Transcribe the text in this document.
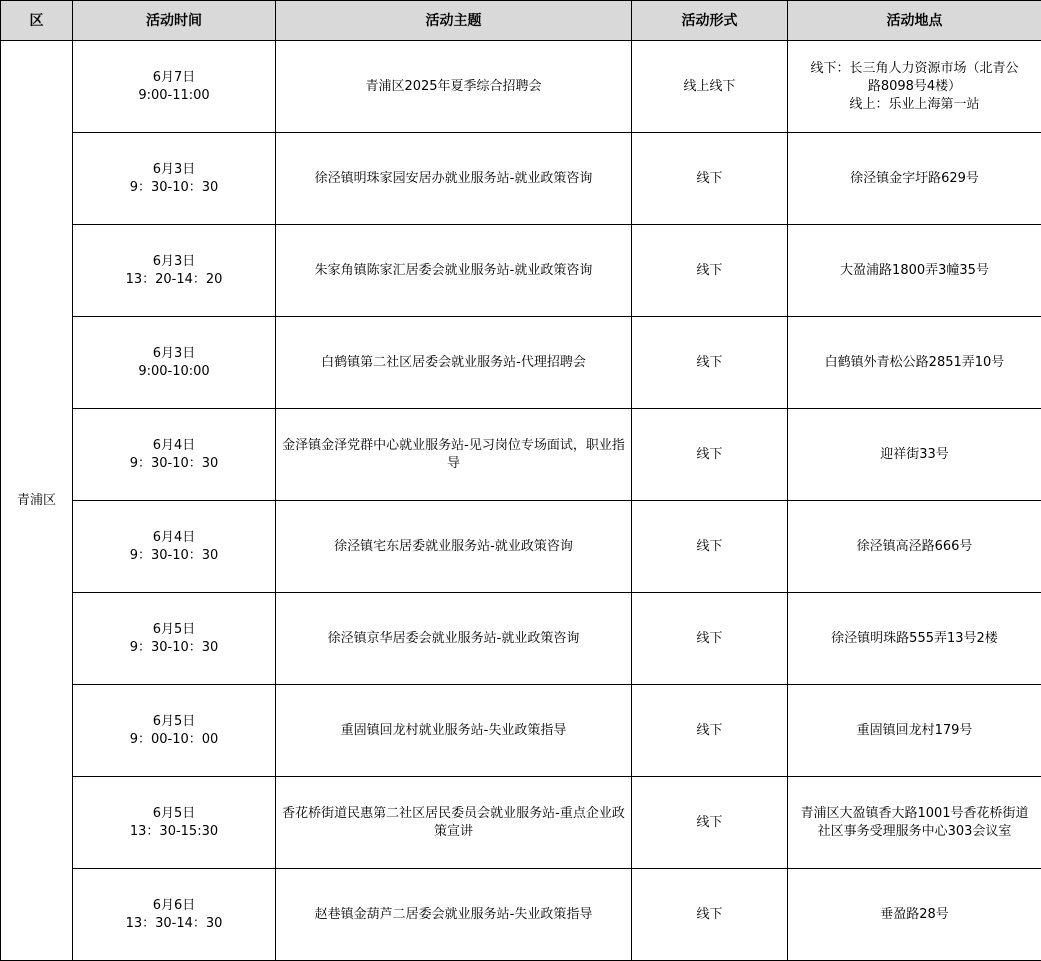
区	活动时间	活动主题	活动形式	活动地点
青浦区	6月7日
9:00-11:00	青浦区2025年夏季综合招聘会	线上线下	线下：长三角人力资源市场（北青公
路8098号4楼）
线上：乐业上海第一站

	6月3日
9：30-10：30	徐泾镇明珠家园安居办就业服务站-就业政策咨询	线下	徐泾镇金字圩路629号

	6月3日
13：20-14：20	朱家角镇陈家汇居委会就业服务站-就业政策咨询	线下	大盈浦路1800弄3幢35号

	6月3日
9:00-10:00	白鹤镇第二社区居委会就业服务站-代理招聘会	线下	白鹤镇外青松公路2851弄10号

	6月4日
9：30-10：30	金泽镇金泽党群中心就业服务站-见习岗位专场面试，职业指导	线下	迎祥街33号

	6月4日
9：30-10：30	徐泾镇宅东居委就业服务站-就业政策咨询	线下	徐泾镇高泾路666号

	6月5日
9：30-10：30	徐泾镇京华居委会就业服务站-就业政策咨询	线下	徐泾镇明珠路555弄13号2楼

	6月5日
9：00-10：00	重固镇回龙村就业服务站-失业政策指导	线下	重固镇回龙村179号

	6月5日
13：30-15:30	香花桥街道民惠第二社区居民委员会就业服务站-重点企业政策宣讲	线下	青浦区大盈镇香大路1001号香花桥街道社区事务受理服务中心303会议室

	6月6日
13：30-14：30	赵巷镇金葫芦二居委会就业服务站-失业政策指导	线下	垂盈路28号
